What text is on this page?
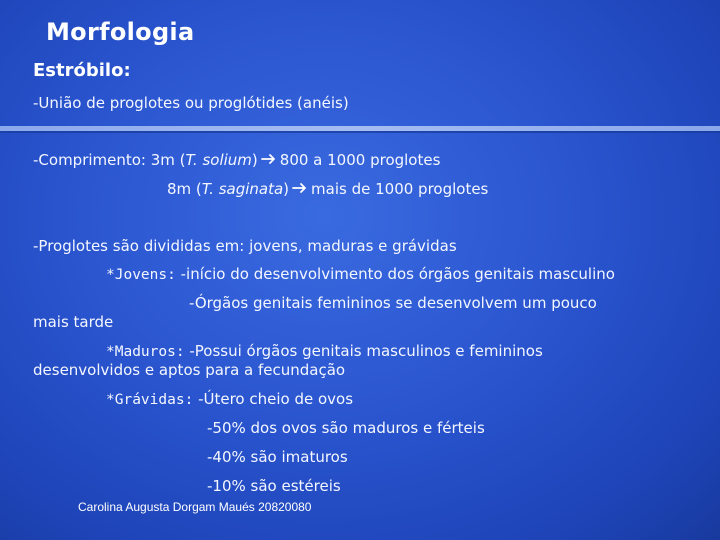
Morfologia
Estróbilo:

-União de proglotes ou proglótides (anéis)

-Comprimento: 3m (T. solium) 800 a 1000 proglotes

8m (T. saginata) mais de 1000 proglotes

-Proglotes são divididas em: jovens, maduras e grávidas

*Jovens: -início do desenvolvimento dos órgãos genitais masculino

-Órgãos genitais femininos se desenvolvem um pouco

mais tarde

*Maduros: -Possui órgãos genitais masculinos e femininos

desenvolvidos e aptos para a fecundação

*Grávidas: -Útero cheio de ovos

-50% dos ovos são maduros e férteis

-40% são imaturos

-10% são estéreis

Carolina Augusta Dorgam Maués 20820080
